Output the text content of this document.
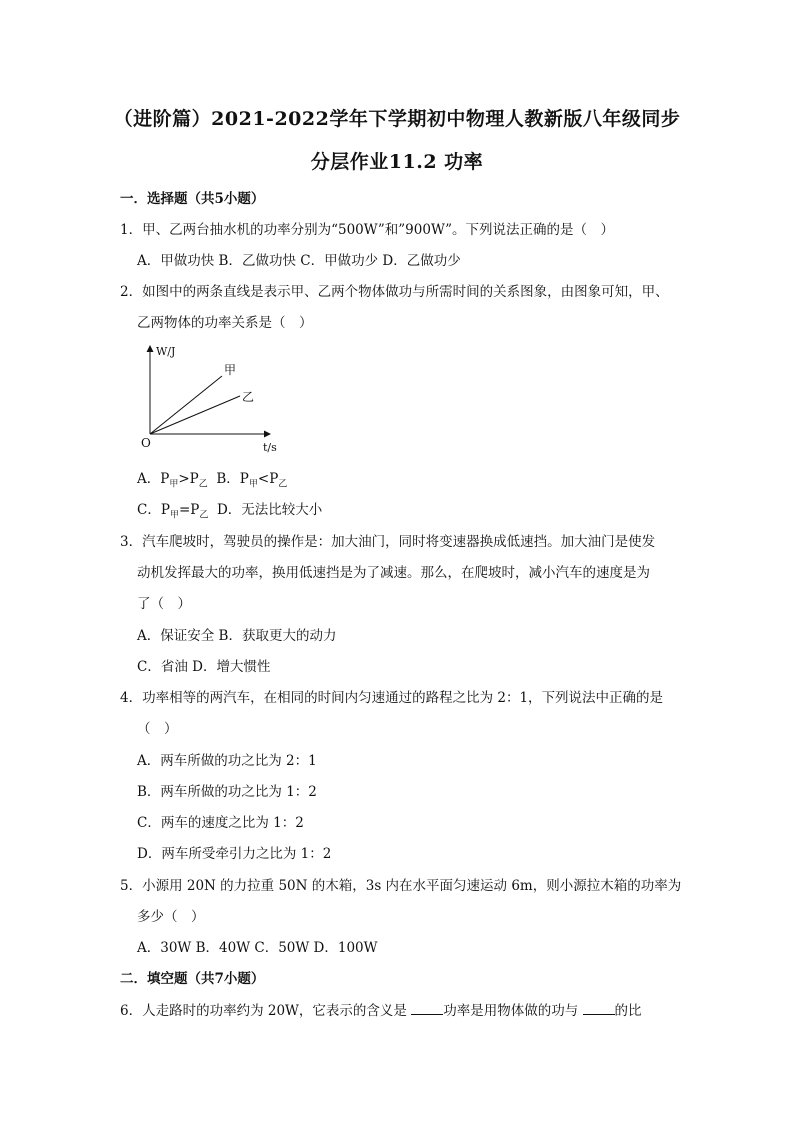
（进阶篇）2021-2022学年下学期初中物理人教新版八年级同步
分层作业11.2 功率
一．选择题（共5小题）
1．甲、乙两台抽水机的功率分别为“500W”和”900W”。下列说法正确的是（　）
A．甲做功快 B．乙做功快 C．甲做功少 D．乙做功少
2．如图中的两条直线是表示甲、乙两个物体做功与所需时间的关系图象，由图象可知，甲、
乙两物体的功率关系是（　）
W/J
t/s
O
甲
乙
A．$P_甲>P_乙$  B．$P_甲<P_乙$
C．$P_甲=P_乙$  D．无法比较大小
3．汽车爬坡时，驾驶员的操作是：加大油门，同时将变速器换成低速挡。加大油门是使发
动机发挥最大的功率，换用低速挡是为了减速。那么，在爬坡时，减小汽车的速度是为
了（　）
A．保证安全 B．获取更大的动力
C．省油 D．增大惯性
4．功率相等的两汽车，在相同的时间内匀速通过的路程之比为 2：1，下列说法中正确的是
（　）
A．两车所做的功之比为 2：1
B．两车所做的功之比为 1：2
C．两车的速度之比为 1：2
D．两车所受牵引力之比为 1：2
5．小源用 20N 的力拉重 50N 的木箱，3s 内在水平面匀速运动 6m，则小源拉木箱的功率为
多少（　）
A．30W B．40W C．50W D．100W
二．填空题（共7小题）
6．人走路时的功率约为 20W，它表示的含义是 功率是用物体做的功与 的比
